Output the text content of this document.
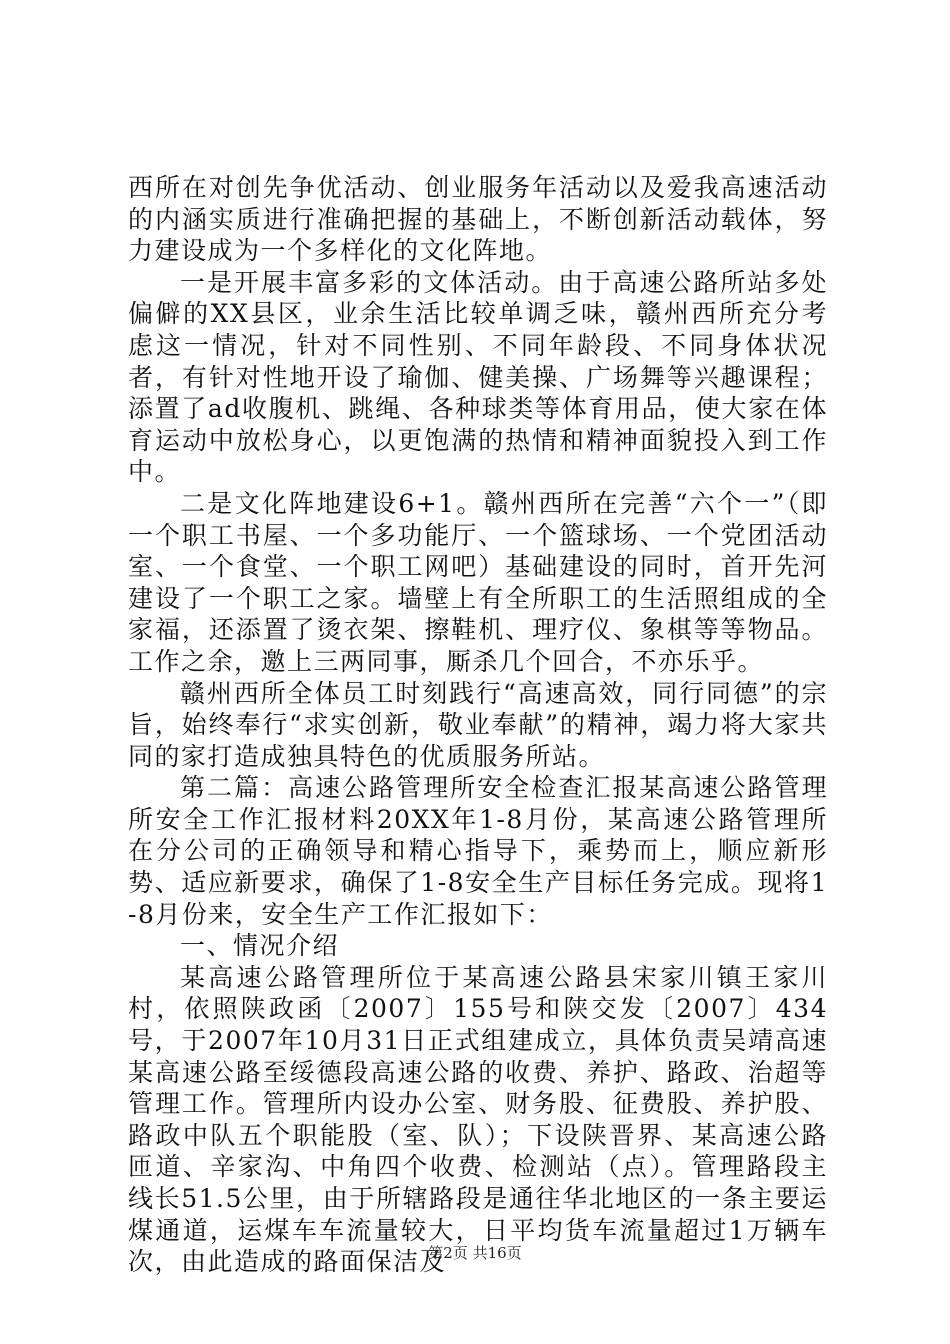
西所在对创先争优活动、创业服务年活动以及爱我高速活动的内涵实质进行准确把握的基础上，不断创新活动载体，努力建设成为一个多样化的文化阵地。

一是开展丰富多彩的文体活动。由于高速公路所站多处偏僻的XX县区，业余生活比较单调乏味，赣州西所充分考虑这一情况，针对不同性别、不同年龄段、不同身体状况者，有针对性地开设了瑜伽、健美操、广场舞等兴趣课程；添置了ad收腹机、跳绳、各种球类等体育用品，使大家在体育运动中放松身心，以更饱满的热情和精神面貌投入到工作中。

二是文化阵地建设6+1。赣州西所在完善“六个一”（即一个职工书屋、一个多功能厅、一个篮球场、一个党团活动室、一个食堂、一个职工网吧）基础建设的同时，首开先河建设了一个职工之家。墙壁上有全所职工的生活照组成的全家福，还添置了烫衣架、擦鞋机、理疗仪、象棋等等物品。工作之余，邀上三两同事，厮杀几个回合，不亦乐乎。

赣州西所全体员工时刻践行“高速高效，同行同德”的宗旨，始终奉行“求实创新，敬业奉献”的精神，竭力将大家共同的家打造成独具特色的优质服务所站。

第二篇：高速公路管理所安全检查汇报某高速公路管理所安全工作汇报材料20XX年1-8月份，某高速公路管理所在分公司的正确领导和精心指导下，乘势而上，顺应新形势、适应新要求，确保了1-8安全生产目标任务完成。现将1-8月份来，安全生产工作汇报如下：

一、情况介绍

某高速公路管理所位于某高速公路县宋家川镇王家川村，依照陕政函〔2007〕155号和陕交发〔2007〕434号，于2007年10月31日正式组建成立，具体负责吴靖高速某高速公路至绥德段高速公路的收费、养护、路政、治超等管理工作。管理所内设办公室、财务股、征费股、养护股、路政中队五个职能股（室、队）；下设陕晋界、某高速公路匝道、辛家沟、中角四个收费、检测站（点）。管理路段主线长51.5公里，由于所辖路段是通往华北地区的一条主要运煤通道，运煤车车流量较大，日平均货车流量超过1万辆车次，由此造成的路面保洁及

第2页 共16页
